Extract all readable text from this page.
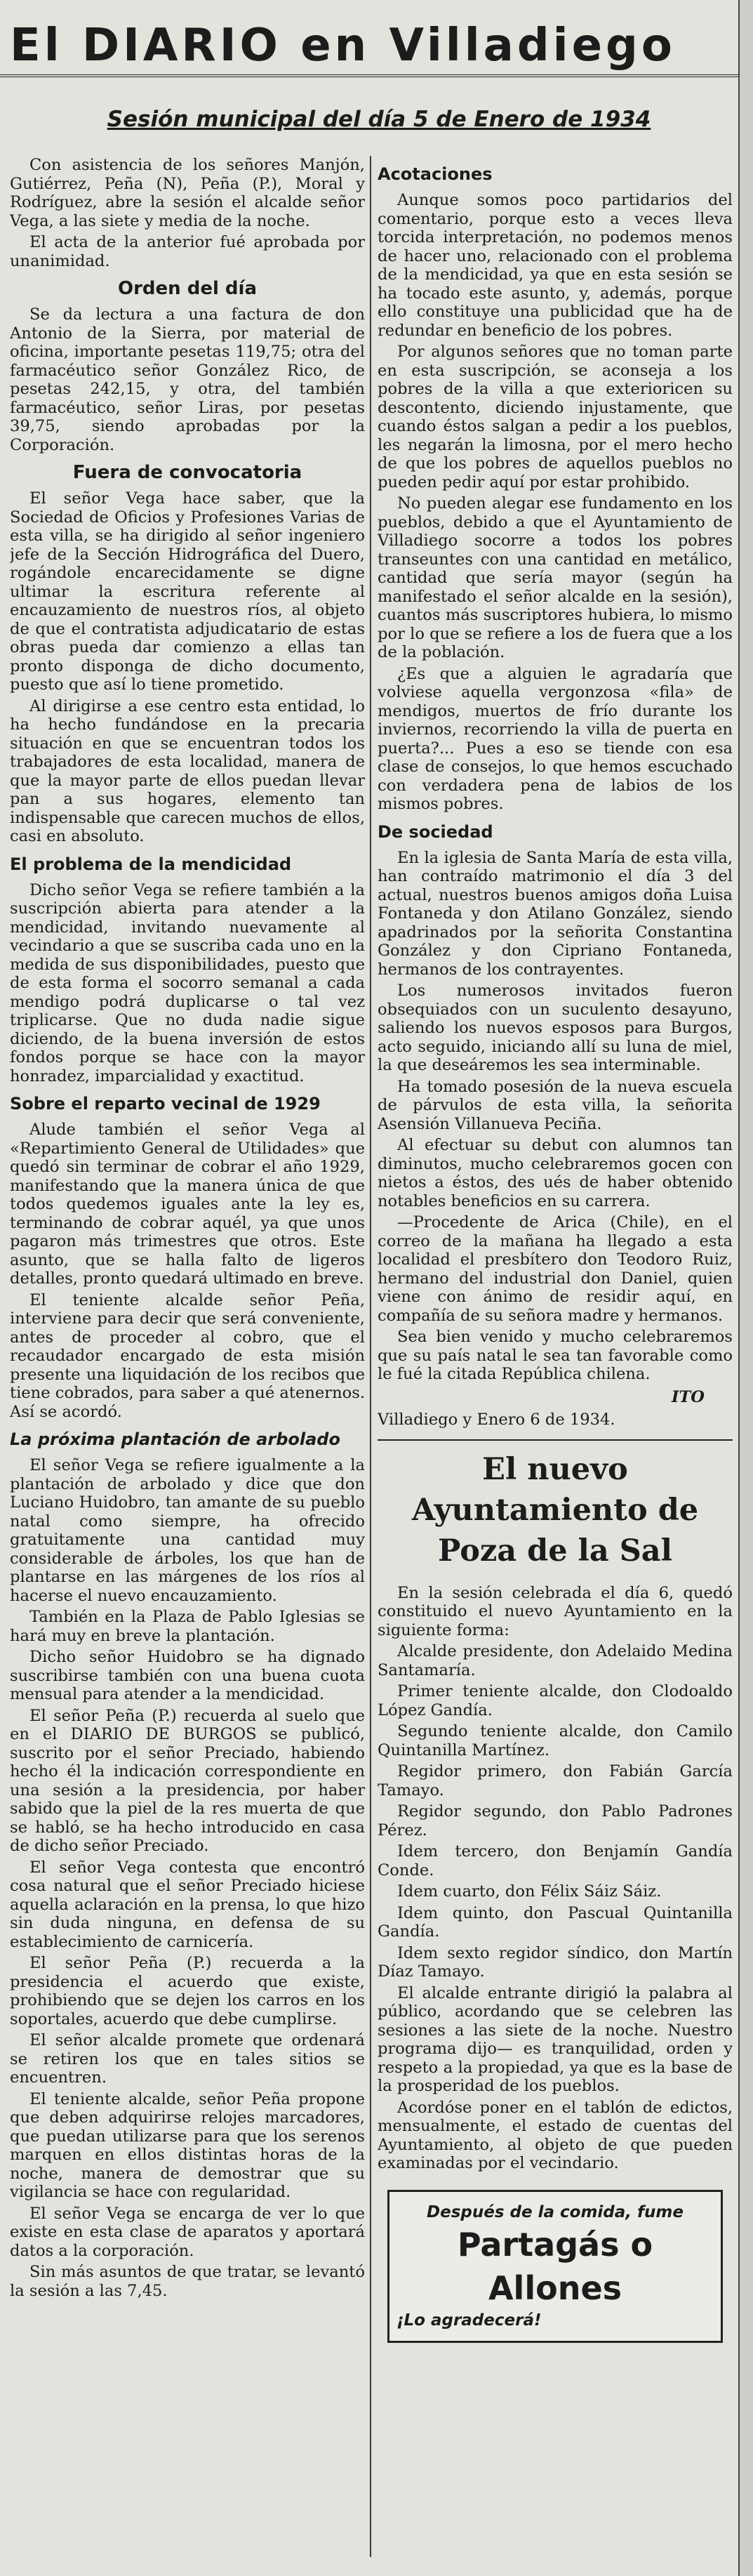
El DIARIO en Villadiego
Sesión municipal del día 5 de Enero de 1934

Con asistencia de los señores Manjón, Gutiérrez, Peña (N), Peña (P.), Moral y Rodríguez, abre la sesión el alcalde señor Vega, a las siete y media de la noche.

El acta de la anterior fué aprobada por unanimidad.

Orden del día

Se da lectura a una factura de don Antonio de la Sierra, por material de oficina, importante pesetas 119,75; otra del farmacéutico señor González Rico, de pesetas 242,15, y otra, del también farmacéutico, señor Liras, por pesetas 39,75, siendo aprobadas por la Corporación.

Fuera de convocatoria

El señor Vega hace saber, que la Sociedad de Oficios y Profesiones Varias de esta villa, se ha dirigido al señor ingeniero jefe de la Sección Hidrográfica del Duero, rogándole encarecidamente se digne ultimar la escritura referente al encauzamiento de nuestros ríos, al objeto de que el contratista adjudicatario de estas obras pueda dar comienzo a ellas tan pronto disponga de dicho documento, puesto que así lo tiene prometido.

Al dirigirse a ese centro esta entidad, lo ha hecho fundándose en la precaria situación en que se encuentran todos los trabajadores de esta localidad, manera de que la mayor parte de ellos puedan llevar pan a sus hogares, elemento tan indispensable que carecen muchos de ellos, casi en absoluto.

El problema de la mendicidad

Dicho señor Vega se refiere también a la suscripción abierta para atender a la mendicidad, invitando nuevamente al vecindario a que se suscriba cada uno en la medida de sus disponibilidades, puesto que de esta forma el socorro semanal a cada mendigo podrá duplicarse o tal vez triplicarse. Que no duda nadie sigue diciendo, de la buena inversión de estos fondos porque se hace con la mayor honradez, imparcialidad y exactitud.

Sobre el reparto vecinal de 1929

Alude también el señor Vega al «Repartimiento General de Utilidades» que quedó sin terminar de cobrar el año 1929, manifestando que la manera única de que todos quedemos iguales ante la ley es, terminando de cobrar aquél, ya que unos pagaron más trimestres que otros. Este asunto, que se halla falto de ligeros detalles, pronto quedará ultimado en breve.

El teniente alcalde señor Peña, interviene para decir que será conveniente, antes de proceder al cobro, que el recaudador encargado de esta misión presente una liquidación de los recibos que tiene cobrados, para saber a qué atenernos. Así se acordó.

La próxima plantación de arbolado

El señor Vega se refiere igualmente a la plantación de arbolado y dice que don Luciano Huidobro, tan amante de su pueblo natal como siempre, ha ofrecido gratuitamente una cantidad muy considerable de árboles, los que han de plantarse en las márgenes de los ríos al hacerse el nuevo encauzamiento.

También en la Plaza de Pablo Iglesias se hará muy en breve la plantación.

Dicho señor Huidobro se ha dignado suscribirse también con una buena cuota mensual para atender a la mendicidad.

El señor Peña (P.) recuerda al suelo que en el DIARIO DE BURGOS se publicó, suscrito por el señor Preciado, habiendo hecho él la indicación correspondiente en una sesión a la presidencia, por haber sabido que la piel de la res muerta de que se habló, se ha hecho introducido en casa de dicho señor Preciado.

El señor Vega contesta que encontró cosa natural que el señor Preciado hiciese aquella aclaración en la prensa, lo que hizo sin duda ninguna, en defensa de su establecimiento de carnicería.

El señor Peña (P.) recuerda a la presidencia el acuerdo que existe, prohibiendo que se dejen los carros en los soportales, acuerdo que debe cumplirse.

El señor alcalde promete que ordenará se retiren los que en tales sitios se encuentren.

El teniente alcalde, señor Peña propone que deben adquirirse relojes marcadores, que puedan utilizarse para que los serenos marquen en ellos distintas horas de la noche, manera de demostrar que su vigilancia se hace con regularidad.

El señor Vega se encarga de ver lo que existe en esta clase de aparatos y aportará datos a la corporación.

Sin más asuntos de que tratar, se levantó la sesión a las 7,45.

Acotaciones

Aunque somos poco partidarios del comentario, porque esto a veces lleva torcida interpretación, no podemos menos de hacer uno, relacionado con el problema de la mendicidad, ya que en esta sesión se ha tocado este asunto, y, además, porque ello constituye una publicidad que ha de redundar en beneficio de los pobres.

Por algunos señores que no toman parte en esta suscripción, se aconseja a los pobres de la villa a que exterioricen su descontento, diciendo injustamente, que cuando éstos salgan a pedir a los pueblos, les negarán la limosna, por el mero hecho de que los pobres de aquellos pueblos no pueden pedir aquí por estar prohibido.

No pueden alegar ese fundamento en los pueblos, debido a que el Ayuntamiento de Villadiego socorre a todos los pobres transeuntes con una cantidad en metálico, cantidad que sería mayor (según ha manifestado el señor alcalde en la sesión), cuantos más suscriptores hubiera, lo mismo por lo que se refiere a los de fuera que a los de la población.

¿Es que a alguien le agradaría que volviese aquella vergonzosa «fila» de mendigos, muertos de frío durante los inviernos, recorriendo la villa de puerta en puerta?... Pues a eso se tiende con esa clase de consejos, lo que hemos escuchado con verdadera pena de labios de los mismos pobres.

De sociedad

En la iglesia de Santa María de esta villa, han contraído matrimonio el día 3 del actual, nuestros buenos amigos doña Luisa Fontaneda y don Atilano González, siendo apadrinados por la señorita Constantina González y don Cipriano Fontaneda, hermanos de los contrayentes.

Los numerosos invitados fueron obsequiados con un suculento desayuno, saliendo los nuevos esposos para Burgos, acto seguido, iniciando allí su luna de miel, la que deseáremos les sea interminable.

Ha tomado posesión de la nueva escuela de párvulos de esta villa, la señorita Asensión Villanueva Peciña.

Al efectuar su debut con alumnos tan diminutos, mucho celebraremos gocen con nietos a éstos, des ués de haber obtenido notables beneficios en su carrera.

—Procedente de Arica (Chile), en el correo de la mañana ha llegado a esta localidad el presbítero don Teodoro Ruiz, hermano del industrial don Daniel, quien viene con ánimo de residir aquí, en compañía de su señora madre y hermanos.

Sea bien venido y mucho celebraremos que su país natal le sea tan favorable como le fué la citada República chilena.

ITO

Villadiego y Enero 6 de 1934.

El nuevo Ayuntamiento de Poza de la Sal

En la sesión celebrada el día 6, quedó constituido el nuevo Ayuntamiento en la siguiente forma:

Alcalde presidente, don Adelaido Medina Santamaría.

Primer teniente alcalde, don Clodoaldo López Gandía.

Segundo teniente alcalde, don Camilo Quintanilla Martínez.

Regidor primero, don Fabián García Tamayo.

Regidor segundo, don Pablo Padrones Pérez.

Idem tercero, don Benjamín Gandía Conde.

Idem cuarto, don Félix Sáiz Sáiz.

Idem quinto, don Pascual Quintanilla Gandía.

Idem sexto regidor síndico, don Martín Díaz Tamayo.

El alcalde entrante dirigió la palabra al público, acordando que se celebren las sesiones a las siete de la noche. Nuestro programa dijo— es tranquilidad, orden y respeto a la propiedad, ya que es la base de la prosperidad de los pueblos.

Acordóse poner en el tablón de edictos, mensualmente, el estado de cuentas del Ayuntamiento, al objeto de que pueden examinadas por el vecindario.

Después de la comida, fume
Partagás o Allones
¡Lo agradecerá!
